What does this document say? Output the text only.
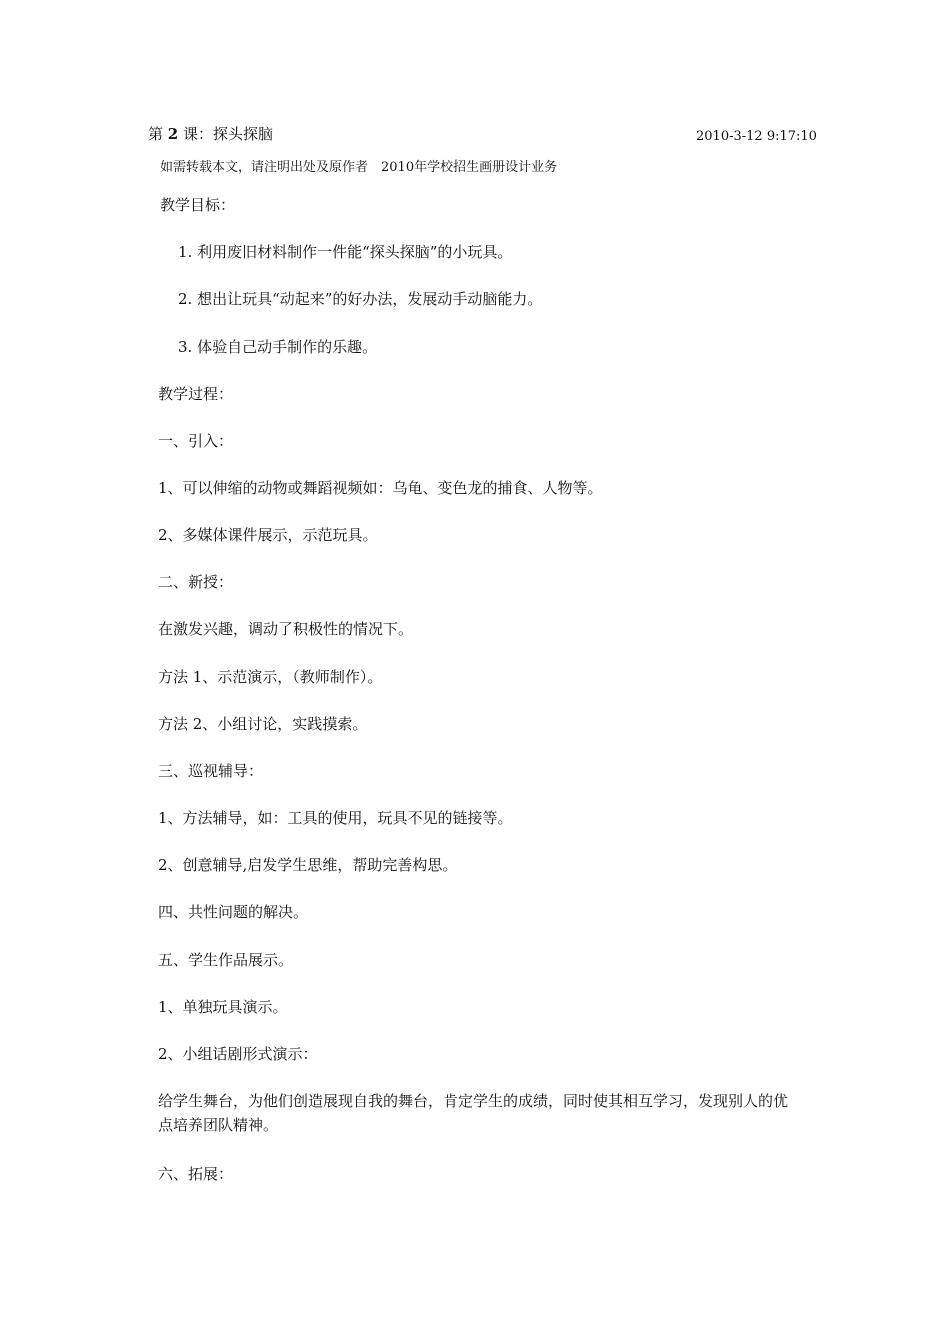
第 2 课：探头探脑	2010-3-12 9:17:10
如需转载本文，请注明出处及原作者　2010年学校招生画册设计业务
教学目标：
1. 利用废旧材料制作一件能“探头探脑”的小玩具。
2. 想出让玩具“动起来”的好办法，发展动手动脑能力。
3. 体验自己动手制作的乐趣。
教学过程：
一、引入：
1、可以伸缩的动物或舞蹈视频如：乌龟、变色龙的捕食、人物等。
2、多媒体课件展示，示范玩具。
二、新授：
在激发兴趣，调动了积极性的情况下。
方法 1、示范演示，（教师制作）。
方法 2、小组讨论，实践摸索。
三、巡视辅导：
1、方法辅导，如：工具的使用，玩具不见的链接等。
2、创意辅导,启发学生思维，帮助完善构思。
四、共性问题的解决。
五、学生作品展示。
1、单独玩具演示。
2、小组话剧形式演示：
给学生舞台，为他们创造展现自我的舞台，肯定学生的成绩，同时使其相互学习，发现别人的优点培养团队精神。
六、拓展：
